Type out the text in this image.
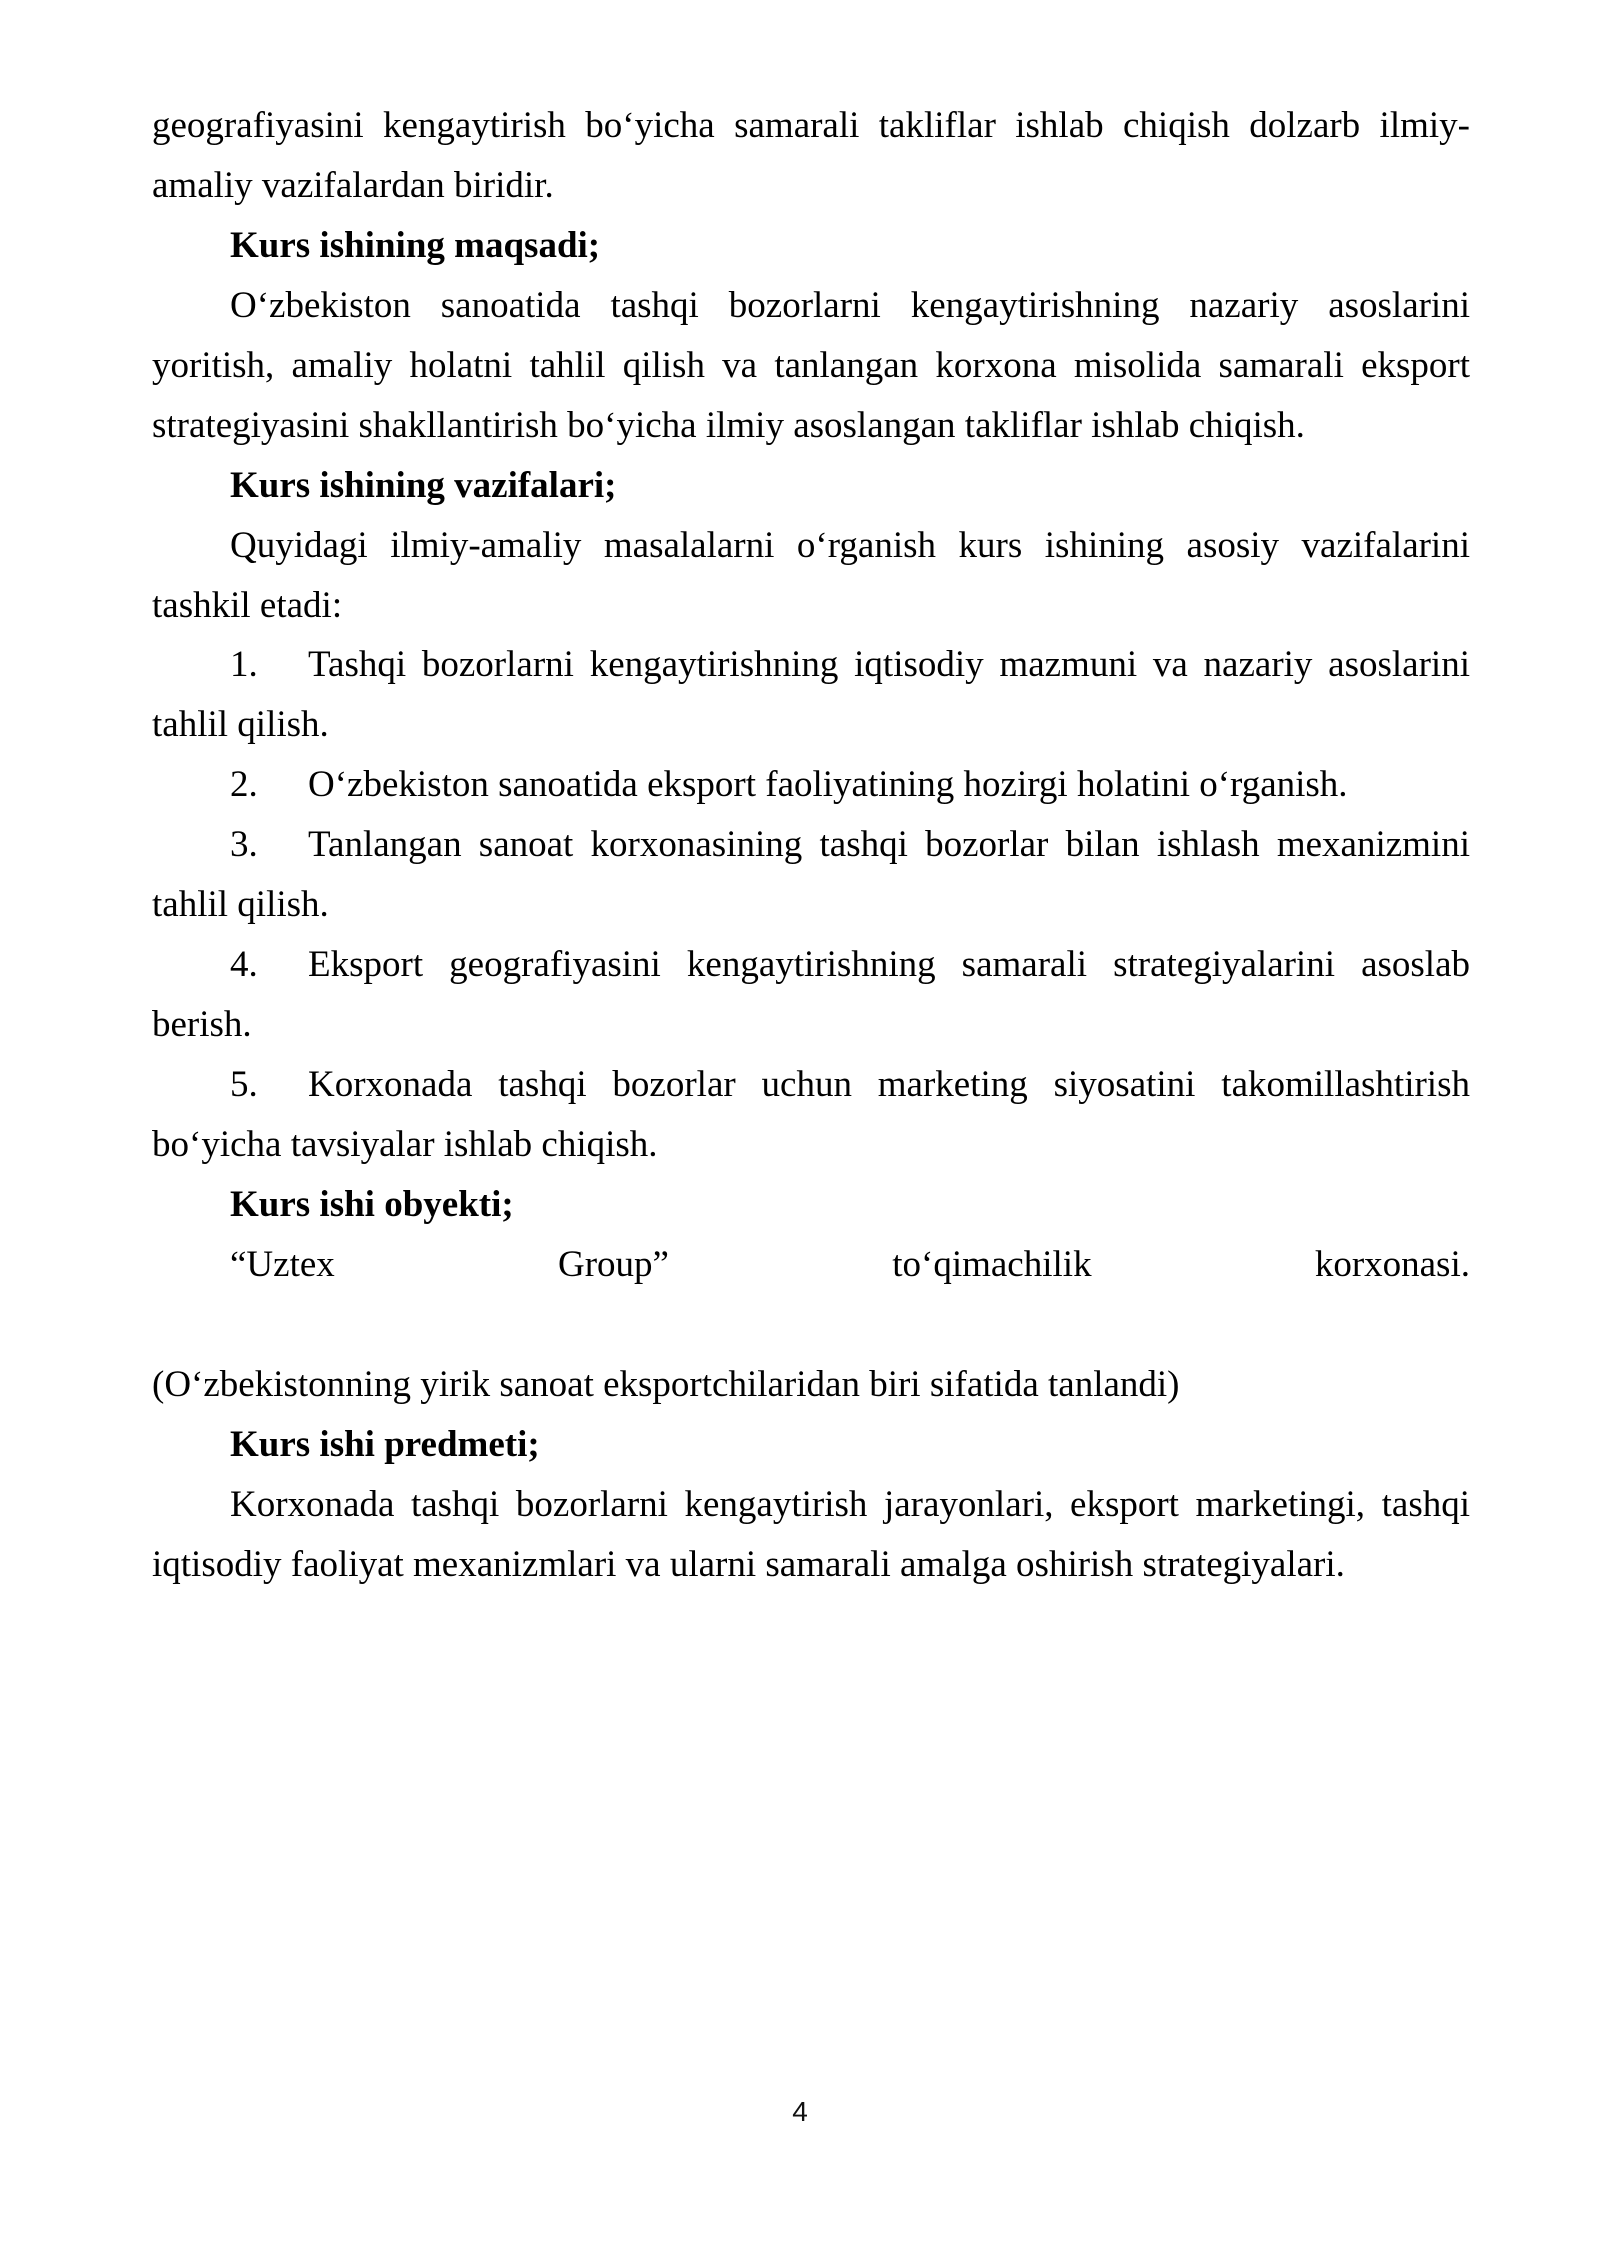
geografiyasini kengaytirish bo‘yicha samarali takliflar ishlab chiqish dolzarb ilmiy-amaliy vazifalardan biridir.

Kurs ishining maqsadi;

O‘zbekiston sanoatida tashqi bozorlarni kengaytirishning nazariy asoslarini yoritish, amaliy holatni tahlil qilish va tanlangan korxona misolida samarali eksport strategiyasini shakllantirish bo‘yicha ilmiy asoslangan takliflar ishlab chiqish.

Kurs ishining vazifalari;

Quyidagi ilmiy-amaliy masalalarni o‘rganish kurs ishining asosiy vazifalarini tashkil etadi:

1. Tashqi bozorlarni kengaytirishning iqtisodiy mazmuni va nazariy asoslarini tahlil qilish.

2. O‘zbekiston sanoatida eksport faoliyatining hozirgi holatini o‘rganish.

3. Tanlangan sanoat korxonasining tashqi bozorlar bilan ishlash mexanizmini tahlil qilish.

4. Eksport geografiyasini kengaytirishning samarali strategiyalarini asoslab berish.

5. Korxonada tashqi bozorlar uchun marketing siyosatini takomillashtirish bo‘yicha tavsiyalar ishlab chiqish.

Kurs ishi obyekti;

“Uztex	Group”	to‘qimachilik	korxonasi.

(O‘zbekistonning yirik sanoat eksportchilaridan biri sifatida tanlandi)

Kurs ishi predmeti;

Korxonada tashqi bozorlarni kengaytirish jarayonlari, eksport marketingi, tashqi iqtisodiy faoliyat mexanizmlari va ularni samarali amalga oshirish strategiyalari.

4
